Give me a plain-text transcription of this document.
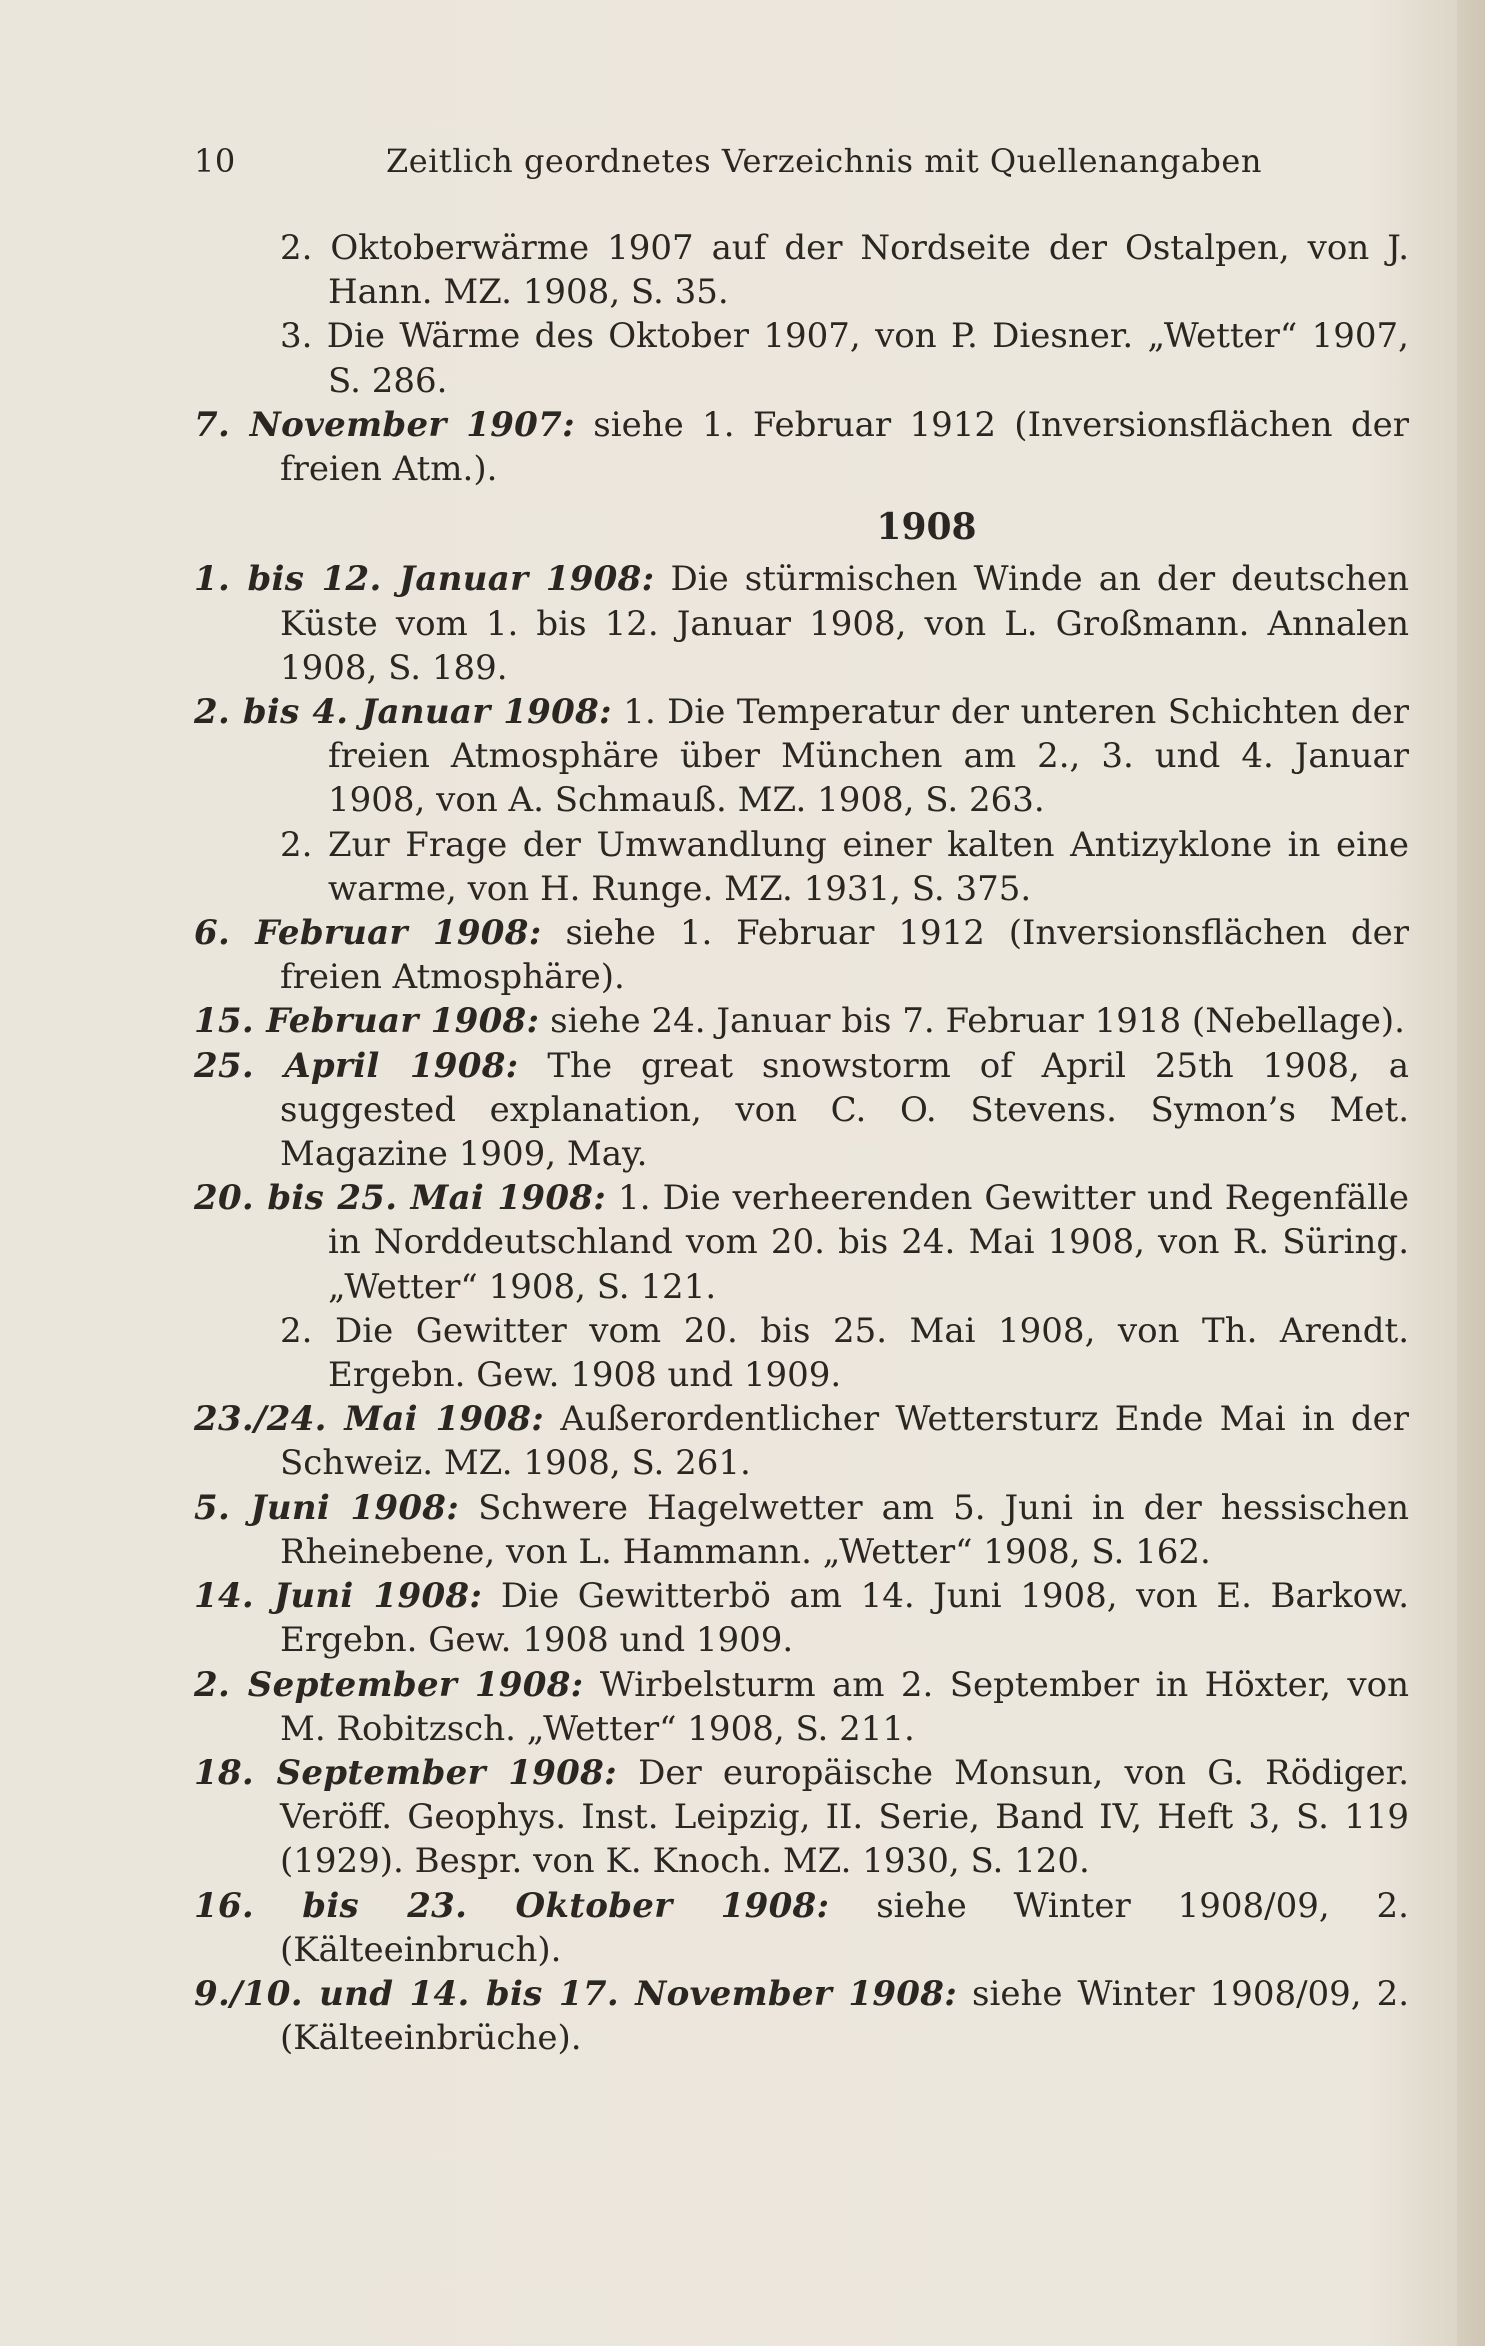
10	Zeitlich geordnetes Verzeichnis mit Quellenangaben
2. Oktoberwärme 1907 auf der Nordseite der Ostalpen, von J. Hann. MZ. 1908, S. 35.
3. Die Wärme des Oktober 1907, von P. Diesner. „Wetter“ 1907, S. 286.
7. November 1907: siehe 1. Februar 1912 (Inversionsflächen der freien Atm.).
1908
1. bis 12. Januar 1908: Die stürmischen Winde an der deutschen Küste vom 1. bis 12. Januar 1908, von L. Großmann. Annalen 1908, S. 189.
2. bis 4. Januar 1908: 1. Die Temperatur der unteren Schichten der freien Atmosphäre über München am 2., 3. und 4. Januar 1908, von A. Schmauß. MZ. 1908, S. 263.
2. Zur Frage der Umwandlung einer kalten Antizyklone in eine warme, von H. Runge. MZ. 1931, S. 375.
6. Februar 1908: siehe 1. Februar 1912 (Inversionsflächen der freien Atmosphäre).
15. Februar 1908: siehe 24. Januar bis 7. Februar 1918 (Nebellage).
25. April 1908: The great snowstorm of April 25th 1908, a suggested explanation, von C. O. Stevens. Symon’s Met. Magazine 1909, May.
20. bis 25. Mai 1908: 1. Die verheerenden Gewitter und Regenfälle in Norddeutschland vom 20. bis 24. Mai 1908, von R. Süring. „Wetter“ 1908, S. 121.
2. Die Gewitter vom 20. bis 25. Mai 1908, von Th. Arendt. Ergebn. Gew. 1908 und 1909.
23./24. Mai 1908: Außerordentlicher Wettersturz Ende Mai in der Schweiz. MZ. 1908, S. 261.
5. Juni 1908: Schwere Hagelwetter am 5. Juni in der hessischen Rheinebene, von L. Hammann. „Wetter“ 1908, S. 162.
14. Juni 1908: Die Gewitterbö am 14. Juni 1908, von E. Barkow. Ergebn. Gew. 1908 und 1909.
2. September 1908: Wirbelsturm am 2. September in Höxter, von M. Robitzsch. „Wetter“ 1908, S. 211.
18. September 1908: Der europäische Monsun, von G. Rödiger. Veröff. Geophys. Inst. Leipzig, II. Serie, Band IV, Heft 3, S. 119 (1929). Bespr. von K. Knoch. MZ. 1930, S. 120.
16. bis 23. Oktober 1908: siehe Winter 1908/09, 2. (Kälteeinbruch).
9./10. und 14. bis 17. November 1908: siehe Winter 1908/09, 2. (Kälteeinbrüche).
